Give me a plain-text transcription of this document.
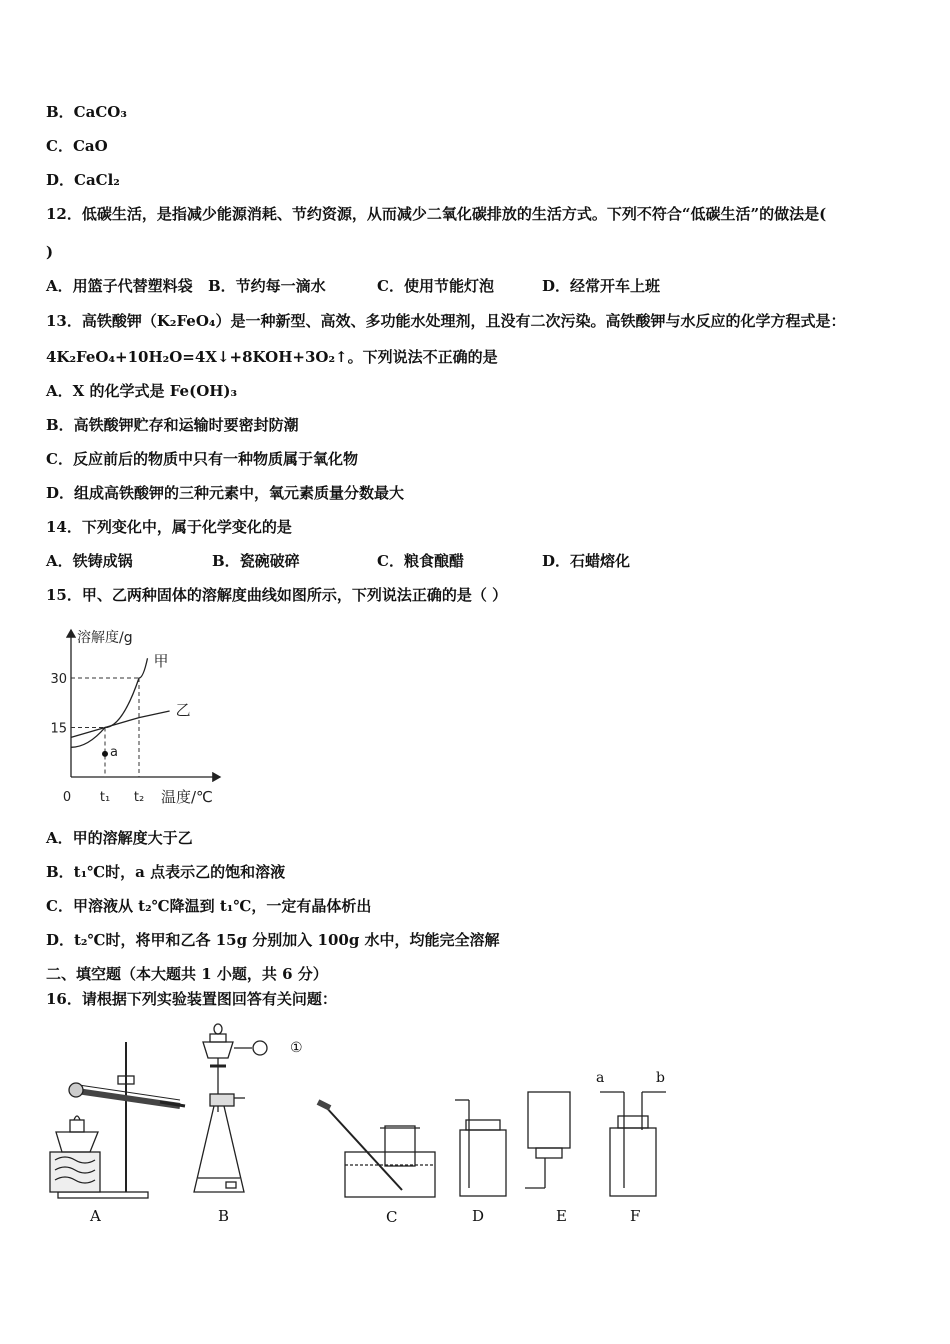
B．CaCO₃
C．CaO
D．CaCl₂
12．低碳生活，是指减少能源消耗、节约资源，从而减少二氧化碳排放的生活方式。下列不符合“低碳生活”的做法是(
)
A．用篮子代替塑料袋 B．节约每一滴水	C．使用节能灯泡	D．经常开车上班
13．高铁酸钾（K₂FeO₄）是一种新型、高效、多功能水处理剂，且没有二次污染。高铁酸钾与水反应的化学方程式是：
4K₂FeO₄+10H₂O=4X↓+8KOH+3O₂↑。下列说法不正确的是
A．X 的化学式是 Fe(OH)₃
B．高铁酸钾贮存和运输时要密封防潮
C．反应前后的物质中只有一种物质属于氧化物
D．组成高铁酸钾的三种元素中，氧元素质量分数最大
14．下列变化中，属于化学变化的是
A．铁铸成锅	B．瓷碗破碎	C．粮食酿醋	D．石蜡熔化
15．甲、乙两种固体的溶解度曲线如图所示，下列说法正确的是（ ）
甲
乙
a
溶解度/g
温度/℃
0
15
30
t₁ t₂
A．甲的溶解度大于乙
B．t₁℃时，a 点表示乙的饱和溶液
C．甲溶液从 t₂℃降温到 t₁℃，一定有晶体析出
D．t₂℃时，将甲和乙各 15g 分别加入 100g 水中，均能完全溶解
二、填空题（本大题共 1 小题，共 6 分）
16．请根据下列实验装置图回答有关问题：
①
a	b
A	B	C	D	E	F
